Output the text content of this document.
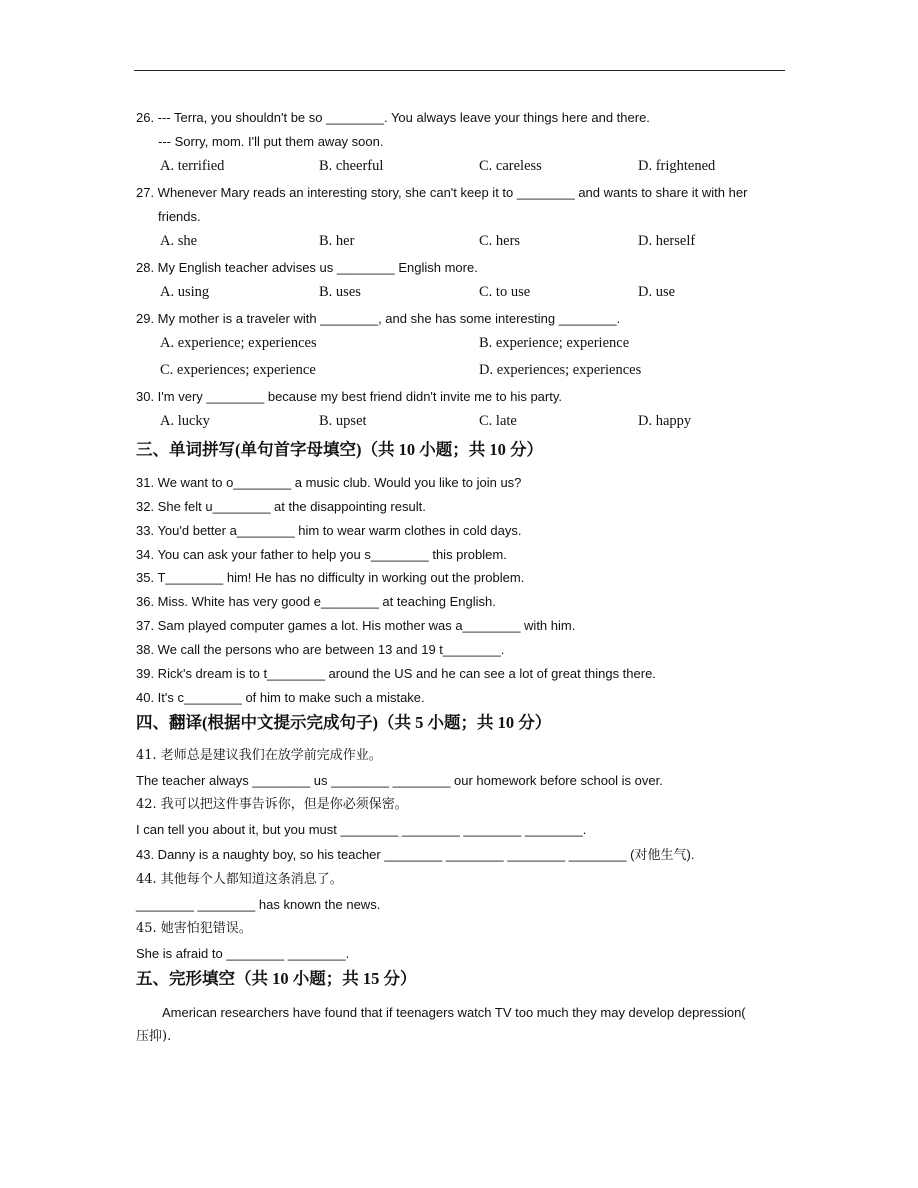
26. --- Terra, you shouldn't be so ________. You always leave your things here and there.
--- Sorry, mom. I'll put them away soon.
A. terrified	B. cheerful	C. careless	D. frightened
27. Whenever Mary reads an interesting story, she can't keep it to ________ and wants to share it with her
friends.
A. she	B. her	C. hers	D. herself
28. My English teacher advises us ________ English more.
A. using	B. uses	C. to use	D. use
29. My mother is a traveler with ________, and she has some interesting ________.
A. experience; experiences	B. experience; experience
C. experiences; experience	D. experiences; experiences
30. I'm very ________ because my best friend didn't invite me to his party.
A. lucky	B. upset	C. late	D. happy
三、单词拼写(单句首字母填空)（共 10 小题；共 10 分）
31. We want to o________ a music club. Would you like to join us?
32. She felt u________ at the disappointing result.
33. You'd better a________ him to wear warm clothes in cold days.
34. You can ask your father to help you s________ this problem.
35. T________ him! He has no difficulty in working out the problem.
36. Miss. White has very good e________ at teaching English.
37. Sam played computer games a lot. His mother was a________ with him.
38. We call the persons who are between 13 and 19 t________.
39. Rick's dream is to t________ around the US and he can see a lot of great things there.
40. It's c________ of him to make such a mistake.
四、翻译(根据中文提示完成句子)（共 5 小题；共 10 分）
41. 老师总是建议我们在放学前完成作业。
The teacher always ________ us ________ ________ our homework before school is over.
42. 我可以把这件事告诉你，但是你必须保密。
I can tell you about it, but you must ________ ________ ________ ________.
43. Danny is a naughty boy, so his teacher ________ ________ ________ ________ (对他生气).
44. 其他每个人都知道这条消息了。
________ ________ has known the news.
45. 她害怕犯错误。
She is afraid to ________ ________.
五、完形填空（共 10 小题；共 15 分）
American researchers have found that if teenagers watch TV too much they may develop depression(
压抑).
